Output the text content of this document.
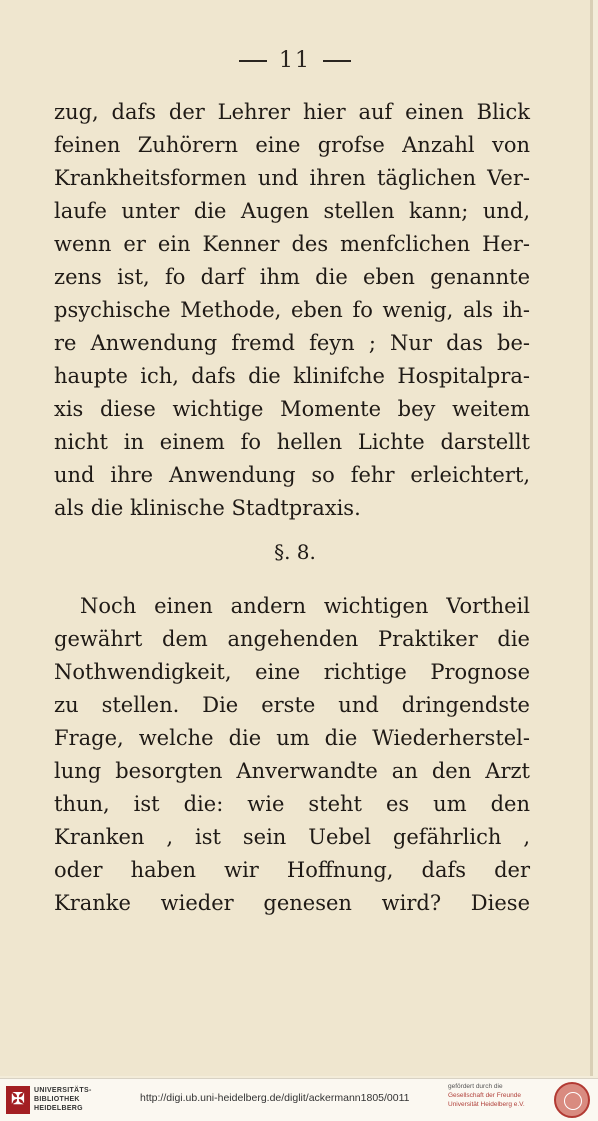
11
zug, dafs der Lehrer hier auf einen Blick
feinen Zuhörern eine grofse Anzahl von
Krankheitsformen und ihren täglichen Ver-
laufe unter die Augen stellen kann; und,
wenn er ein Kenner des menfclichen Her-
zens ist, fo darf ihm die eben genannte
psychische Methode, eben fo wenig, als ih-
re Anwendung fremd feyn ; Nur das be-
haupte ich, dafs die klinifche Hospitalpra-
xis diese wichtige Momente bey weitem
nicht in einem fo hellen Lichte darstellt
und ihre Anwendung so fehr erleichtert,
als die klinische Stadtpraxis.
§. 8.
Noch einen andern wichtigen Vortheil
gewährt dem angehenden Praktiker die
Nothwendigkeit, eine richtige Prognose
zu stellen. Die erste und dringendste
Frage, welche die um die Wiederherstel-
lung besorgten Anverwandte an den Arzt
thun, ist die: wie steht es um den
Kranken , ist sein Uebel gefährlich ,
oder haben wir Hoffnung, dafs der
Kranke wieder genesen wird? Diese
✠
UNIVERSITÄTS-
BIBLIOTHEK
HEIDELBERG
http://digi.ub.uni-heidelberg.de/diglit/ackermann1805/0011
gefördert durch die
Gesellschaft der Freunde
Universität Heidelberg e.V.
